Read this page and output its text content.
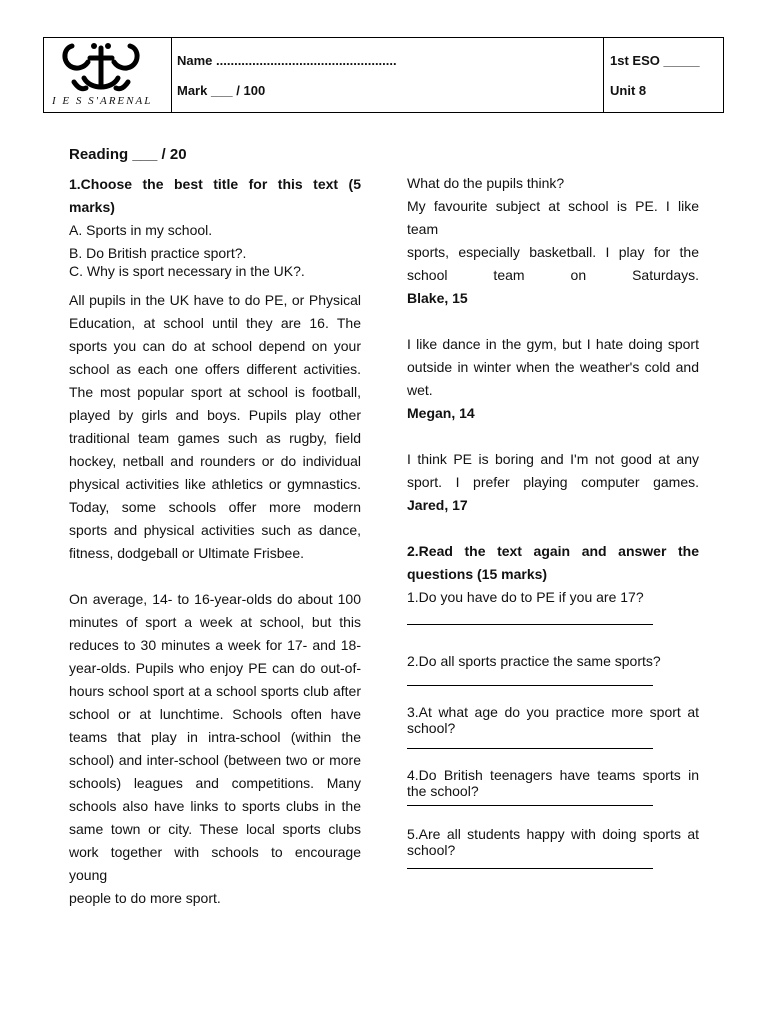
I E S S'ARENAL
Name ..................................................
Mark ___ / 100
1st ESO _____
Unit 8

Reading ___ / 20

1.Choose the best title for this text (5

marks)

A. Sports in my school.

B. Do British practice sport?.

C. Why is sport necessary in the UK?.

All pupils in the UK have to do PE, or Physical

Education, at school until they are 16. The

sports you can do at school depend on your

school as each one offers different activities.

The most popular sport at school is football,

played by girls and boys. Pupils play other

traditional team games such as rugby, field

hockey, netball and rounders or do individual

physical activities like athletics or gymnastics.

Today, some schools offer more modern

sports and physical activities such as dance,

fitness, dodgeball or Ultimate Frisbee.

On average, 14- to 16-year-olds do about 100

minutes of sport a week at school, but this

reduces to 30 minutes a week for 17- and 18-

year-olds. Pupils who enjoy PE can do out-of-

hours school sport at a school sports club after

school or at lunchtime. Schools often have

teams that play in intra-school (within the

school) and inter-school (between two or more

schools) leagues and competitions. Many

schools also have links to sports clubs in the

same town or city. These local sports clubs

work together with schools to encourage young

people to do more sport.

What do the pupils think?

My favourite subject at school is PE. I like team

sports, especially basketball. I play for the

school team on Saturdays.

Blake, 15

I like dance in the gym, but I hate doing sport

outside in winter when the weather's cold and

wet.

Megan, 14

I think PE is boring and I'm not good at any

sport. I prefer playing computer games.

Jared, 17

2.Read the text again and answer the

questions (15 marks)

1.Do you have do to PE if you are 17?

2.Do all sports practice the same sports?

3.At what age do you practice more sport at

school?

4.Do British teenagers have teams sports in

the school?

5.Are all students happy with doing sports at

school?
